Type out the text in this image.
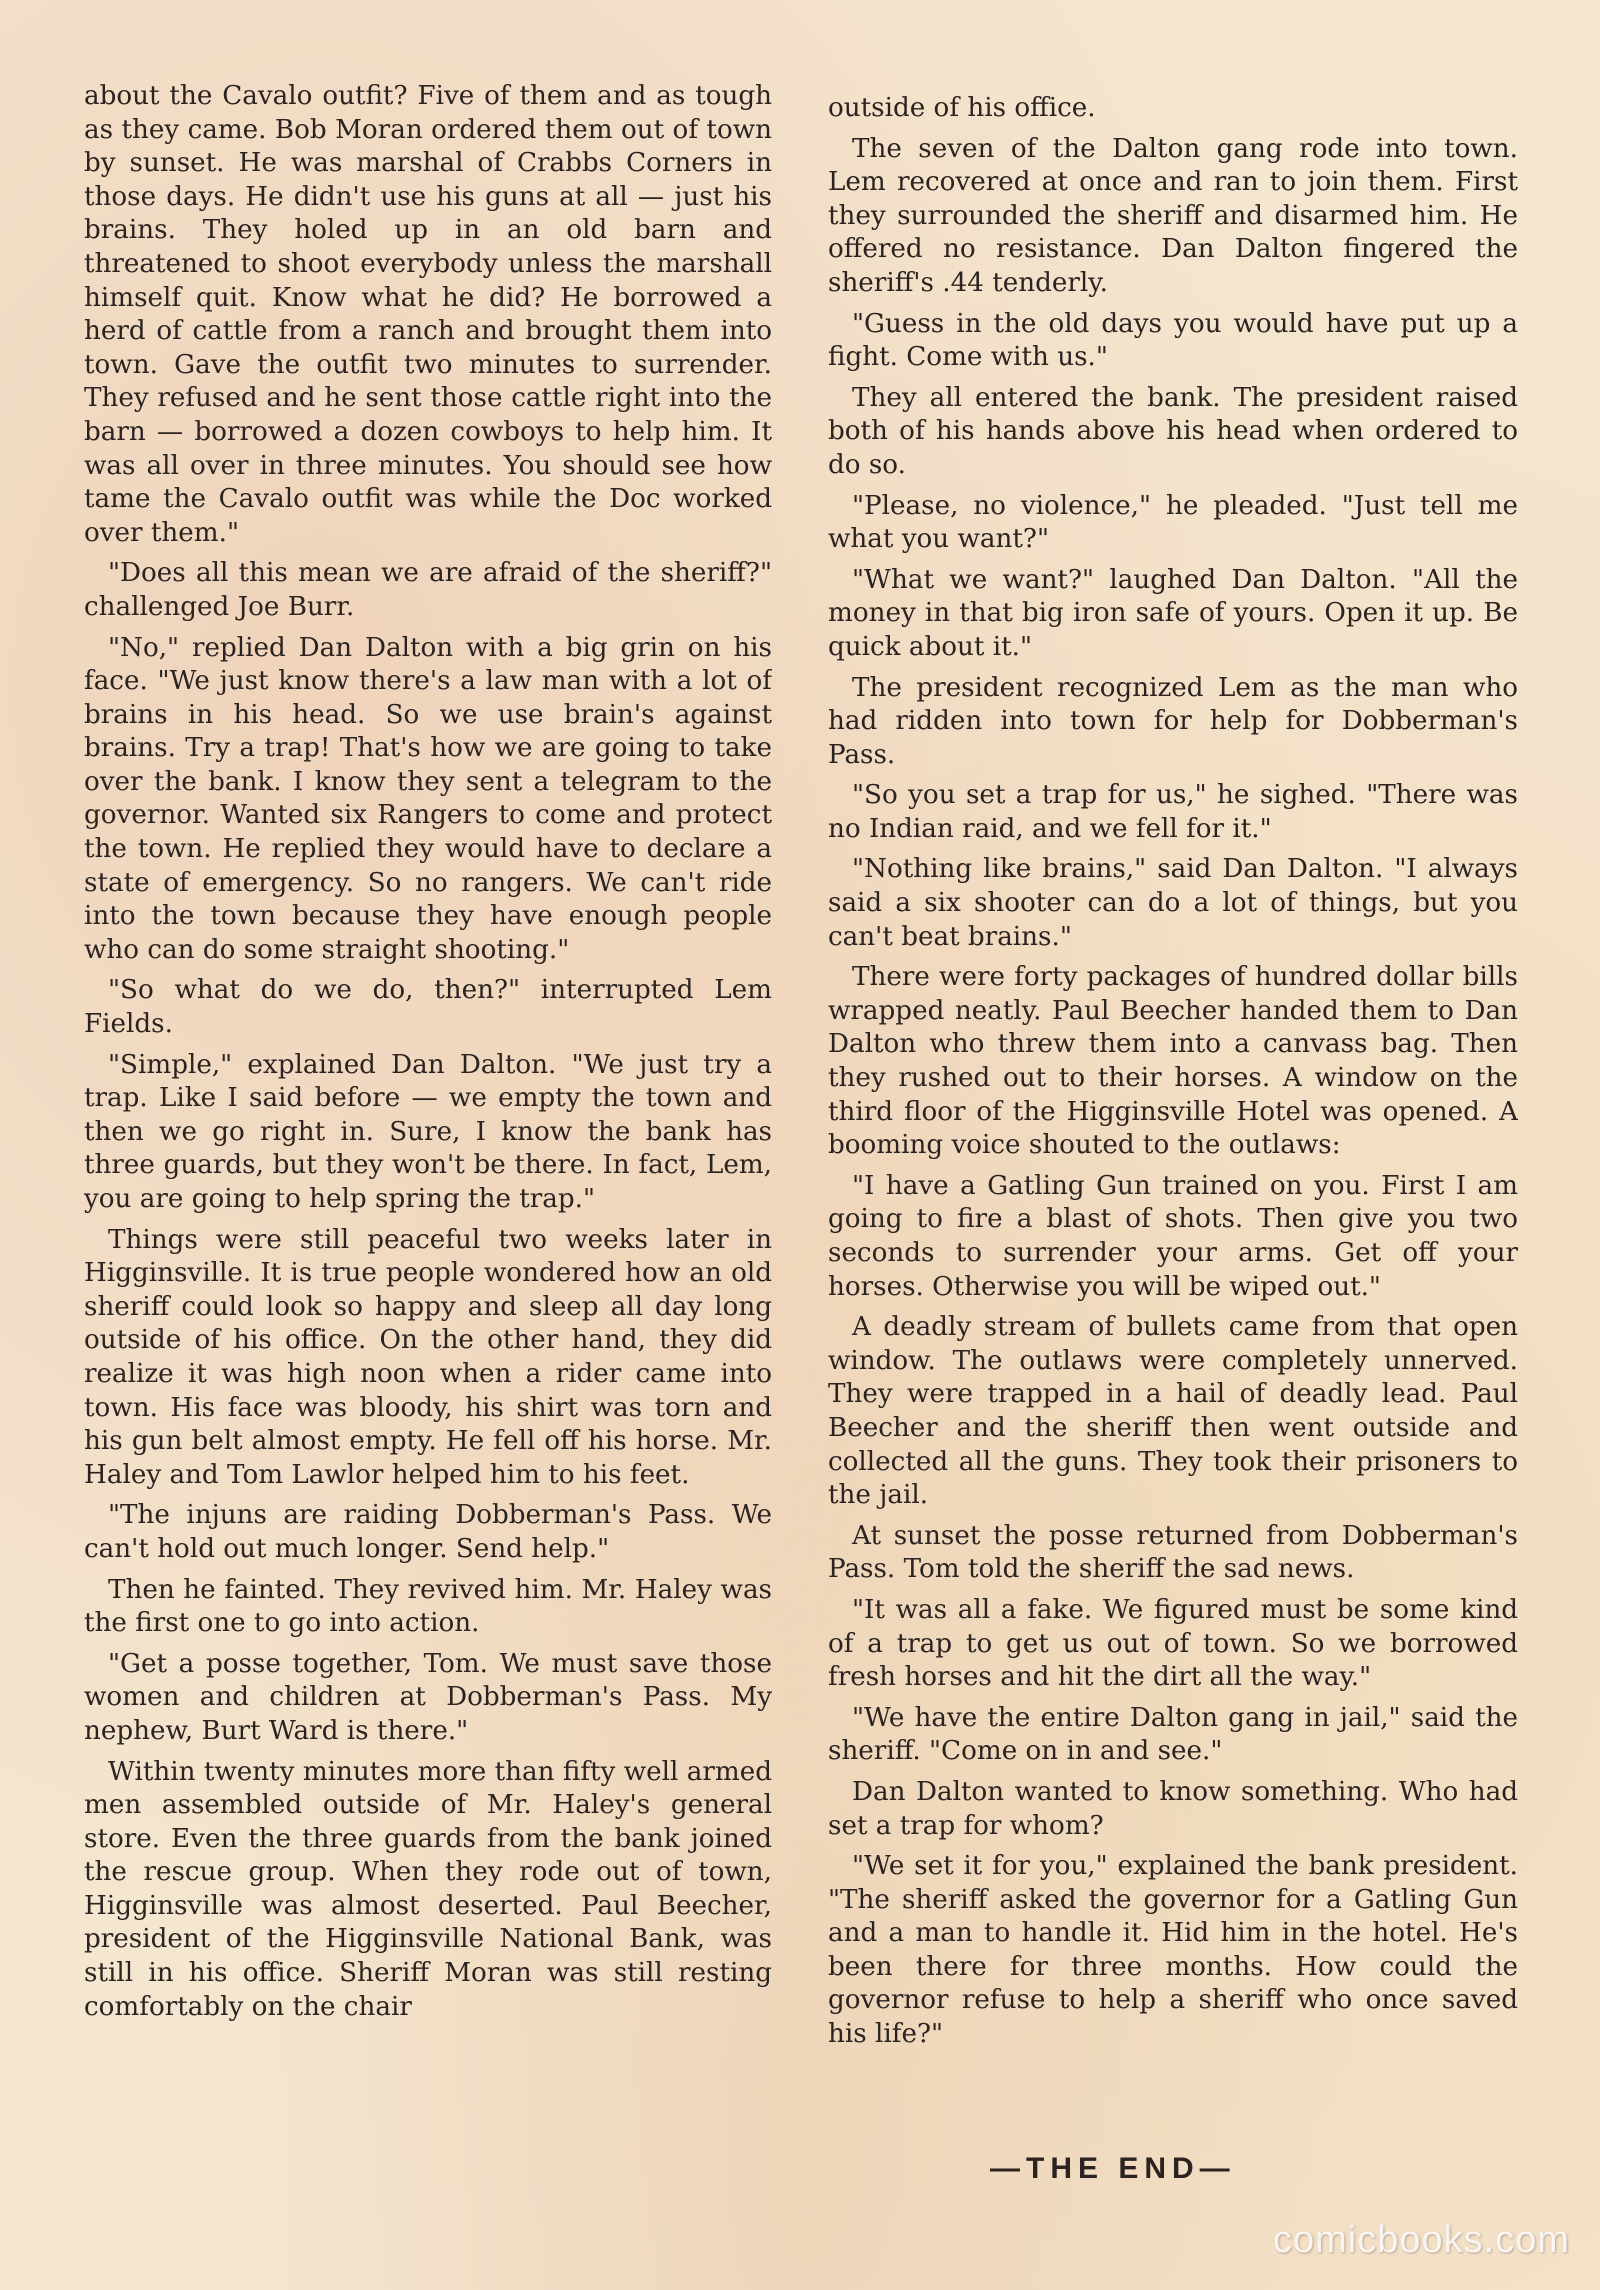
about the Cavalo outfit? Five of them and as tough as they came. Bob Moran ordered them out of town by sunset. He was marshal of Crabbs Corners in those days. He didn't use his guns at all — just his brains. They holed up in an old barn and threatened to shoot everybody unless the marshall himself quit. Know what he did? He borrowed a herd of cattle from a ranch and brought them into town. Gave the outfit two minutes to surrender. They refused and he sent those cattle right into the barn — borrowed a dozen cowboys to help him. It was all over in three minutes. You should see how tame the Cavalo outfit was while the Doc worked over them."

"Does all this mean we are afraid of the sheriff?" challenged Joe Burr.

"No," replied Dan Dalton with a big grin on his face. "We just know there's a law man with a lot of brains in his head. So we use brain's against brains. Try a trap! That's how we are going to take over the bank. I know they sent a telegram to the governor. Wanted six Rangers to come and protect the town. He replied they would have to declare a state of emergency. So no rangers. We can't ride into the town because they have enough people who can do some straight shooting."

"So what do we do, then?" interrupted Lem Fields.

"Simple," explained Dan Dalton. "We just try a trap. Like I said before — we empty the town and then we go right in. Sure, I know the bank has three guards, but they won't be there. In fact, Lem, you are going to help spring the trap."

Things were still peaceful two weeks later in Higginsville. It is true people wondered how an old sheriff could look so happy and sleep all day long outside of his office. On the other hand, they did realize it was high noon when a rider came into town. His face was bloody, his shirt was torn and his gun belt almost empty. He fell off his horse. Mr. Haley and Tom Lawlor helped him to his feet.

"The injuns are raiding Dobberman's Pass. We can't hold out much longer. Send help."

Then he fainted. They revived him. Mr. Haley was the first one to go into action.

"Get a posse together, Tom. We must save those women and children at Dobberman's Pass. My nephew, Burt Ward is there."

Within twenty minutes more than fifty well armed men assembled outside of Mr. Haley's general store. Even the three guards from the bank joined the rescue group. When they rode out of town, Higginsville was almost deserted. Paul Beecher, president of the Higginsville National Bank, was still in his office. Sheriff Moran was still resting comfortably on the chair

outside of his office.

The seven of the Dalton gang rode into town. Lem recovered at once and ran to join them. First they surrounded the sheriff and disarmed him. He offered no resistance. Dan Dalton fingered the sheriff's .44 tenderly.

"Guess in the old days you would have put up a fight. Come with us."

They all entered the bank. The president raised both of his hands above his head when ordered to do so.

"Please, no violence," he pleaded. "Just tell me what you want?"

"What we want?" laughed Dan Dalton. "All the money in that big iron safe of yours. Open it up. Be quick about it."

The president recognized Lem as the man who had ridden into town for help for Dobberman's Pass.

"So you set a trap for us," he sighed. "There was no Indian raid, and we fell for it."

"Nothing like brains," said Dan Dalton. "I always said a six shooter can do a lot of things, but you can't beat brains."

There were forty packages of hundred dollar bills wrapped neatly. Paul Beecher handed them to Dan Dalton who threw them into a canvass bag. Then they rushed out to their horses. A window on the third floor of the Higginsville Hotel was opened. A booming voice shouted to the outlaws:

"I have a Gatling Gun trained on you. First I am going to fire a blast of shots. Then give you two seconds to surrender your arms. Get off your horses. Otherwise you will be wiped out."

A deadly stream of bullets came from that open window. The outlaws were completely unnerved. They were trapped in a hail of deadly lead. Paul Beecher and the sheriff then went outside and collected all the guns. They took their prisoners to the jail.

At sunset the posse returned from Dobberman's Pass. Tom told the sheriff the sad news.

"It was all a fake. We figured must be some kind of a trap to get us out of town. So we borrowed fresh horses and hit the dirt all the way."

"We have the entire Dalton gang in jail," said the sheriff. "Come on in and see."

Dan Dalton wanted to know something. Who had set a trap for whom?

"We set it for you," explained the bank president. "The sheriff asked the governor for a Gatling Gun and a man to handle it. Hid him in the hotel. He's been there for three months. How could the governor refuse to help a sheriff who once saved his life?"

—THE END—
comicbooks.com
